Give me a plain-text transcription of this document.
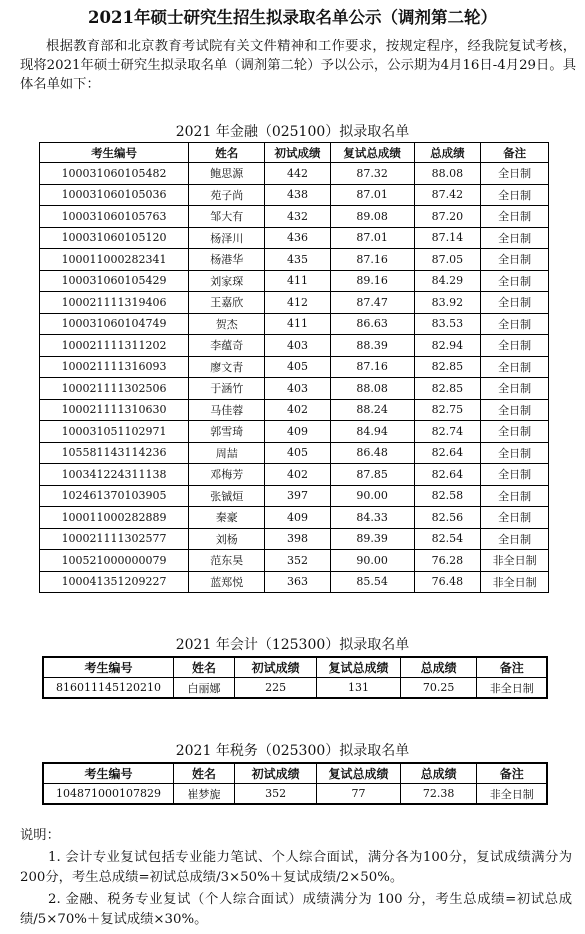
2021年硕士研究生招生拟录取名单公示（调剂第二轮）
根据教育部和北京教育考试院有关文件精神和工作要求，按规定程序，经我院复试考核，现将2021年硕士研究生拟录取名单（调剂第二轮）予以公示，公示期为4月16日-4月29日。具体名单如下：
2021 年金融（025100）拟录取名单
考生编号	姓名	初试成绩	复试总成绩	总成绩	备注
100031060105482	鲍思源	442	87.32	88.08	全日制
100031060105036	苑子尚	438	87.01	87.42	全日制
100031060105763	邹大有	432	89.08	87.20	全日制
100031060105120	杨泽川	436	87.01	87.14	全日制
100011000282341	杨港华	435	87.16	87.05	全日制
100031060105429	刘家琛	411	89.16	84.29	全日制
100021111319406	王嘉欣	412	87.47	83.92	全日制
100031060104749	贺杰	411	86.63	83.53	全日制
100021111311202	李蕴奇	403	88.39	82.94	全日制
100021111316093	廖文青	405	87.16	82.85	全日制
100021111302506	于涵竹	403	88.08	82.85	全日制
100021111310630	马佳蓉	402	88.24	82.75	全日制
100031051102971	郭雪琦	409	84.94	82.74	全日制
105581143114236	周喆	405	86.48	82.64	全日制
100341224311138	邓梅芳	402	87.85	82.64	全日制
102461370103905	张铖烜	397	90.00	82.58	全日制
100011000282889	秦豪	409	84.33	82.56	全日制
100021111302577	刘杨	398	89.39	82.54	全日制
100521000000079	范东昊	352	90.00	76.28	非全日制
100041351209227	蓝郑悦	363	85.54	76.48	非全日制
2021 年会计（125300）拟录取名单
考生编号	姓名	初试成绩	复试总成绩	总成绩	备注
816011145120210	白丽娜	225	131	70.25	非全日制
2021 年税务（025300）拟录取名单
考生编号	姓名	初试成绩	复试总成绩	总成绩	备注
104871000107829	崔梦旎	352	77	72.38	非全日制
说明：
1. 会计专业复试包括专业能力笔试、个人综合面试，满分各为100分，复试成绩满分为200分，考生总成绩=初试总成绩/3×50%＋复试成绩/2×50%。
2. 金融、税务专业复试（个人综合面试）成绩满分为 100 分，考生总成绩=初试总成绩/5×70%＋复试成绩×30%。
